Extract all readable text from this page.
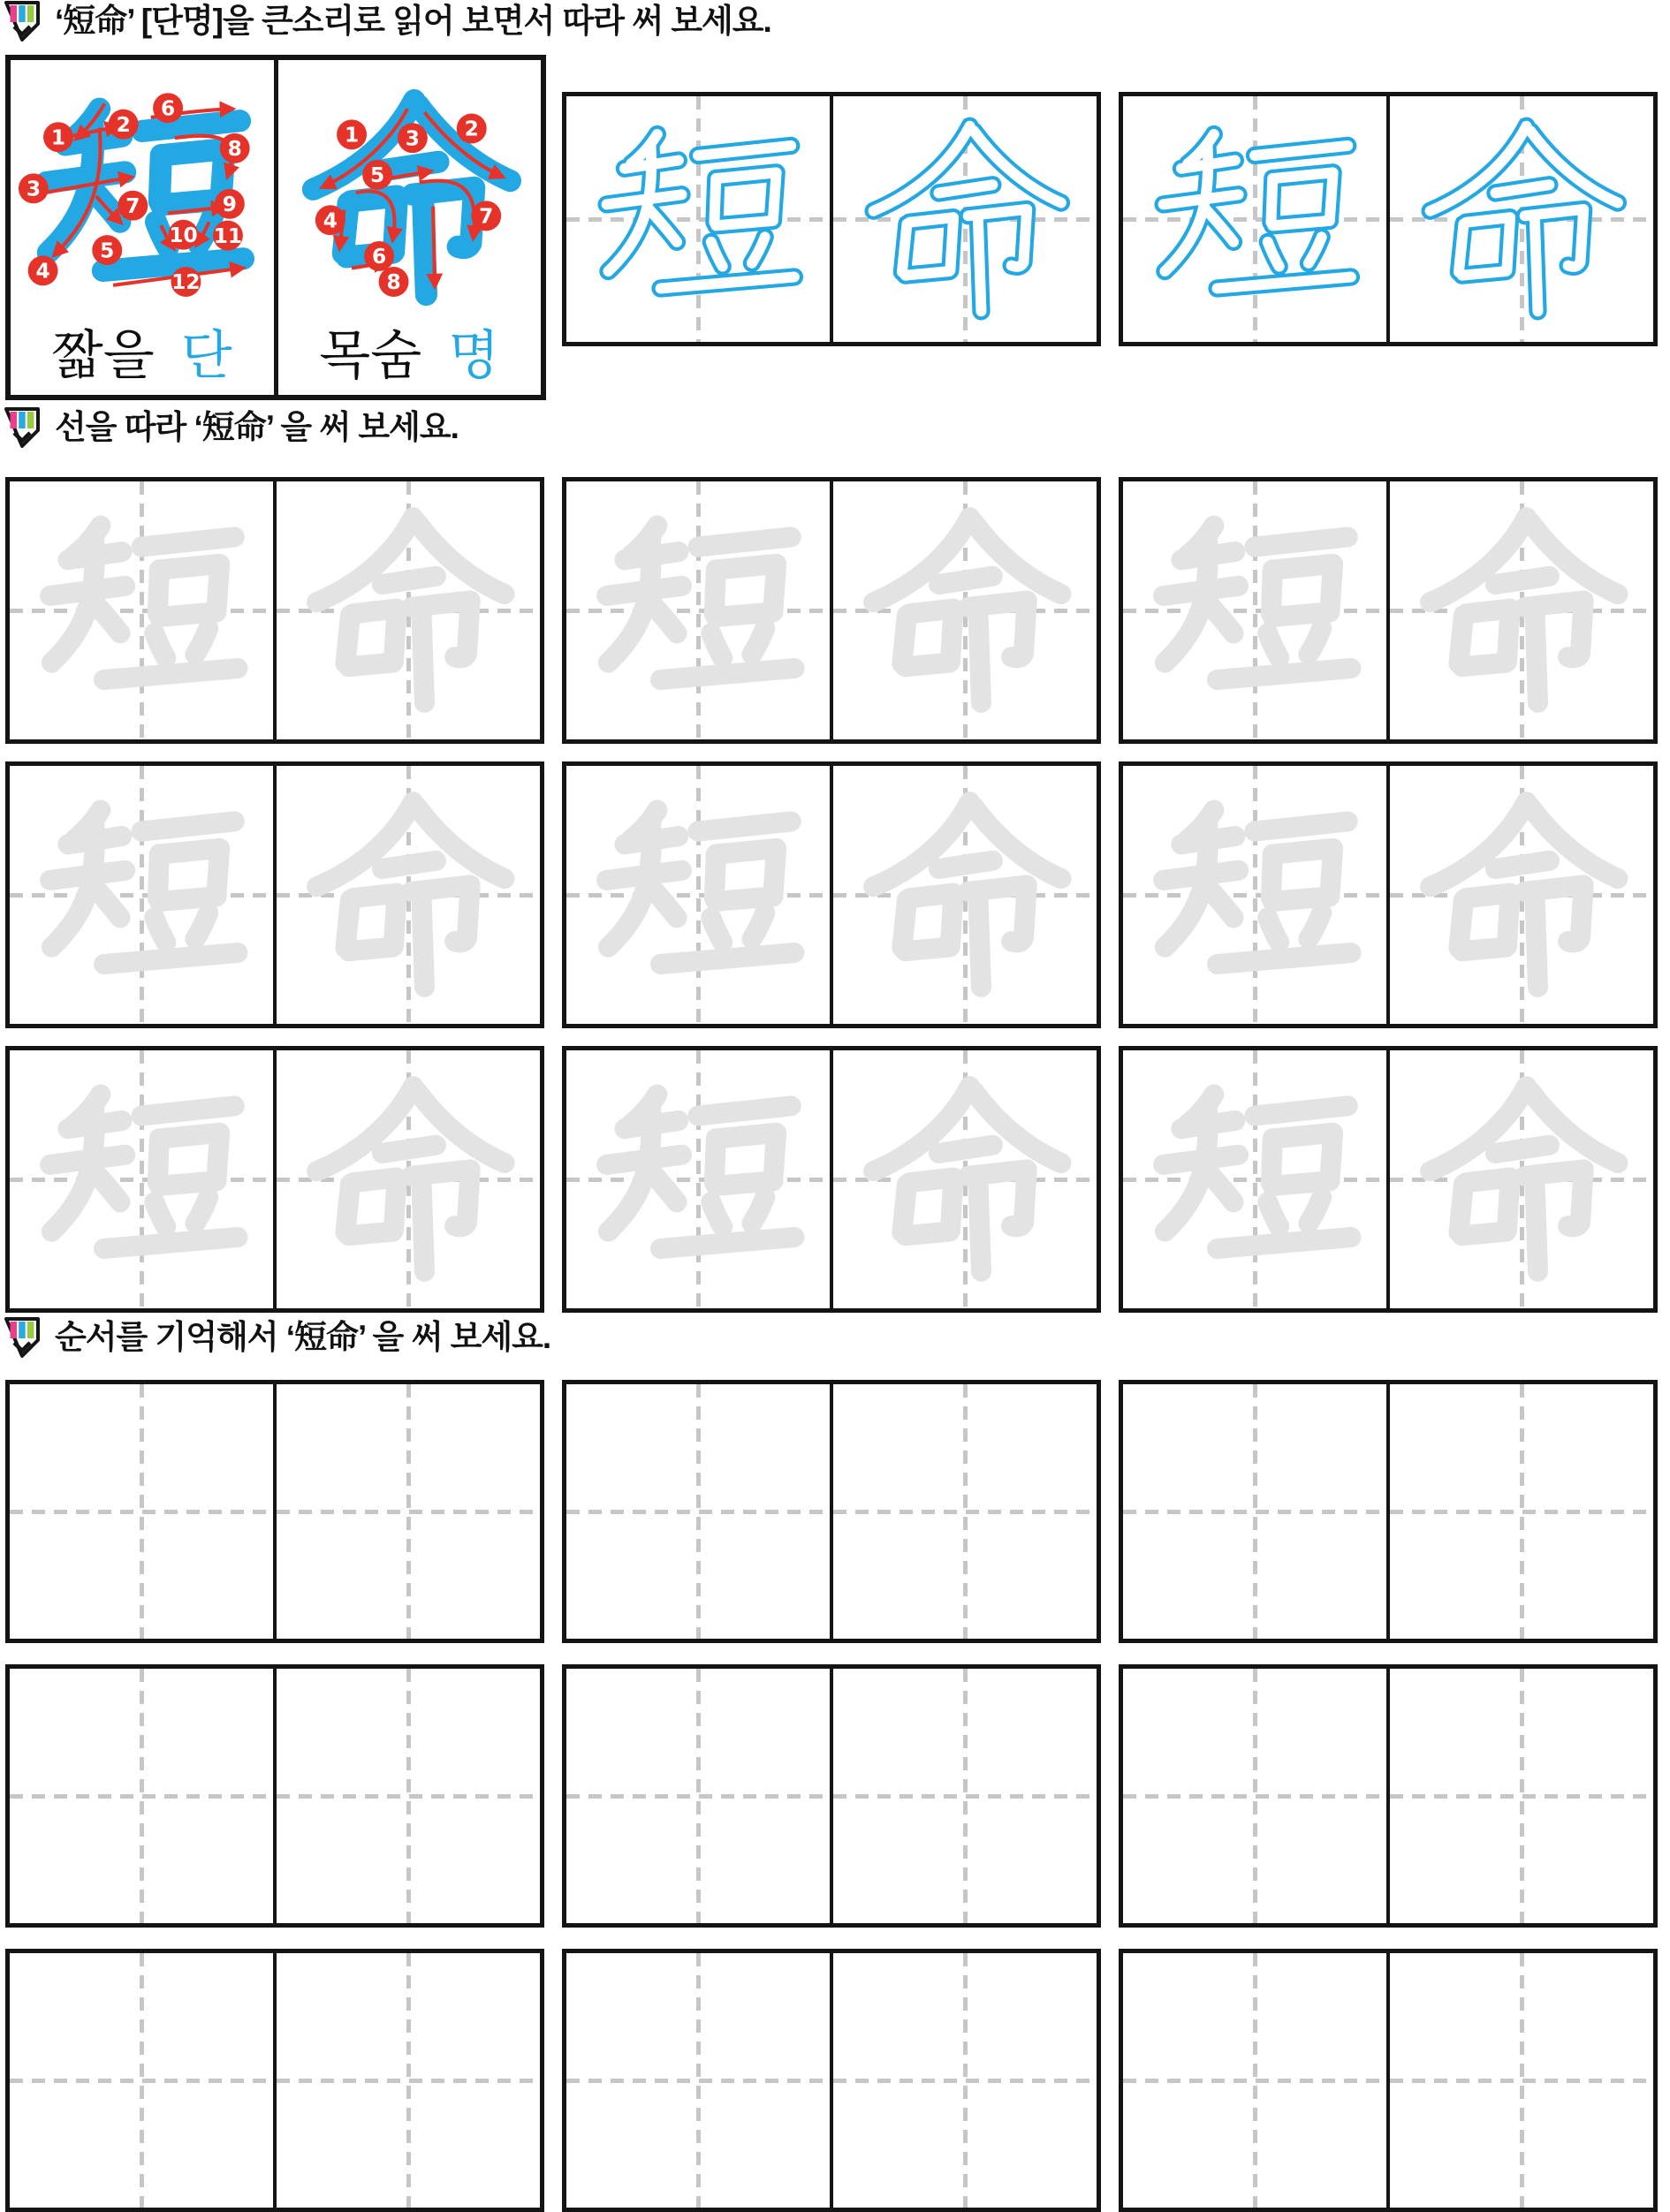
‘短命’ [단명]을 큰소리로 읽어 보면서 따라 써 보세요.
1
2
3
4
5
6
7
8
9
10 11
12
짧을 단
1	2
3
4
5
6
7
8
목숨 명
선을 따라 ‘短命’ 을 써 보세요.
순서를 기억해서 ‘短命’ 을 써 보세요.
